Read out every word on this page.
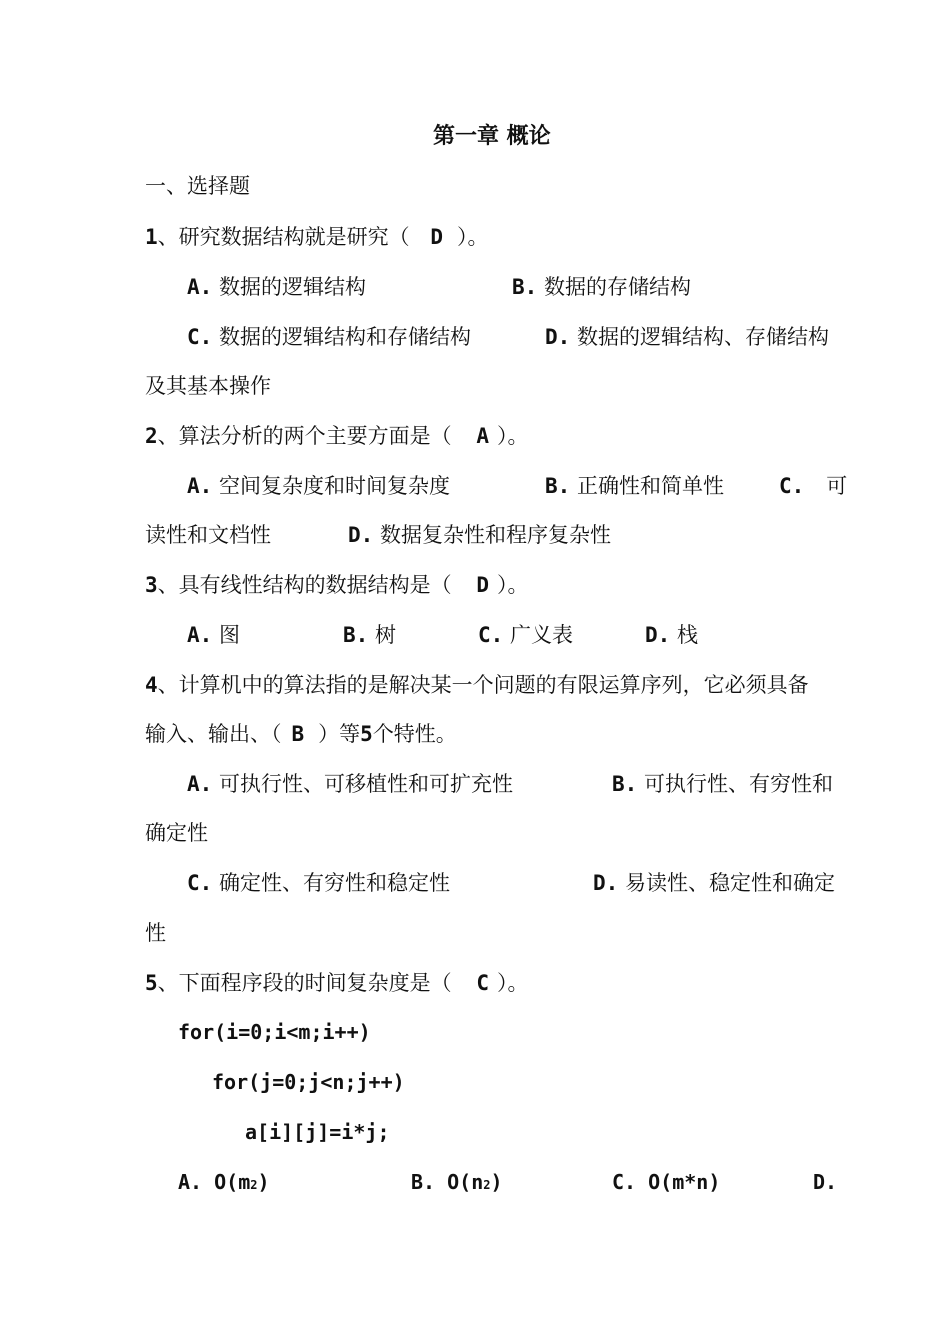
第一章 概论
一、选择题
1、研究数据结构就是研究（ D ）。
A. 数据的逻辑结构	B. 数据的存储结构
C. 数据的逻辑结构和存储结构	D. 数据的逻辑结构、存储结构
及其基本操作
2、算法分析的两个主要方面是（ A ）。
A. 空间复杂度和时间复杂度	B. 正确性和简单性	C. 可
读性和文档性	D. 数据复杂性和程序复杂性
3、具有线性结构的数据结构是（ D ）。
A. 图	B. 树	C. 广义表	D. 栈
4、计算机中的算法指的是解决某一个问题的有限运算序列，它必须具备
输入、输出、（ B ）等5个特性。
A. 可执行性、可移植性和可扩充性	B. 可执行性、有穷性和
确定性
C. 确定性、有穷性和稳定性	D. 易读性、稳定性和确定
性
5、下面程序段的时间复杂度是（ C ）。
for(i=0;i<m;i++)
for(j=0;j<n;j++)
a[i][j]=i*j;
A. O(m2)	B. O(n2)	C. O(m*n)	D.
